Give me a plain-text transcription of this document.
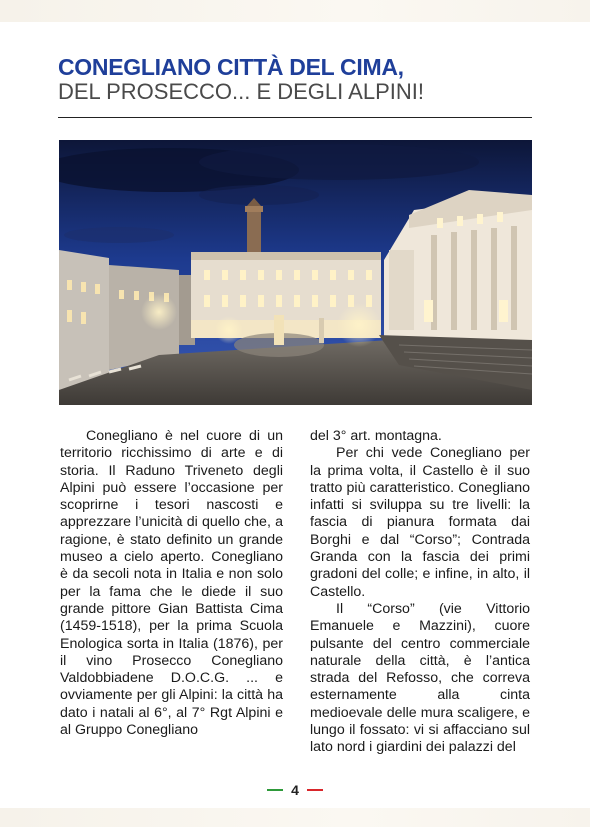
CONEGLIANO CITTÀ DEL CIMA,
DEL PROSECCO... E DEGLI ALPINI!

Conegliano è nel cuore di un territorio ricchissimo di arte e di storia. Il Raduno Triveneto degli Alpini può essere l’occasione per scoprirne i tesori nascosti e apprezzare l’unicità di quello che, a ragione, è stato definito un grande museo a cielo aperto. Conegliano è da secoli nota in Italia e non solo per la fama che le diede il suo grande pittore Gian Battista Cima (1459-1518), per la prima Scuola Enologica sorta in Italia (1876), per il vino Prosecco Conegliano Valdobbiadene D.O.C.G. ... e ovviamente per gli Alpini: la città ha dato i natali al 6°, al 7° Rgt Alpini e al Gruppo Conegliano

del 3° art. montagna.

Per chi vede Conegliano per la prima volta, il Castello è il suo tratto più caratteristico. Conegliano infatti si sviluppa su tre livelli: la fascia di pianura formata dai Borghi e dal “Corso”; Contrada Granda con la fascia dei primi gradoni del colle; e infine, in alto, il Castello.

Il “Corso” (vie Vittorio Emanuele e Mazzini), cuore pulsante del centro commerciale naturale della città, è l’antica strada del Refosso, che correva esternamente alla cinta medioevale delle mura scaligere, e lungo il fossato: vi si affacciano sul lato nord i giardini dei palazzi del

4
